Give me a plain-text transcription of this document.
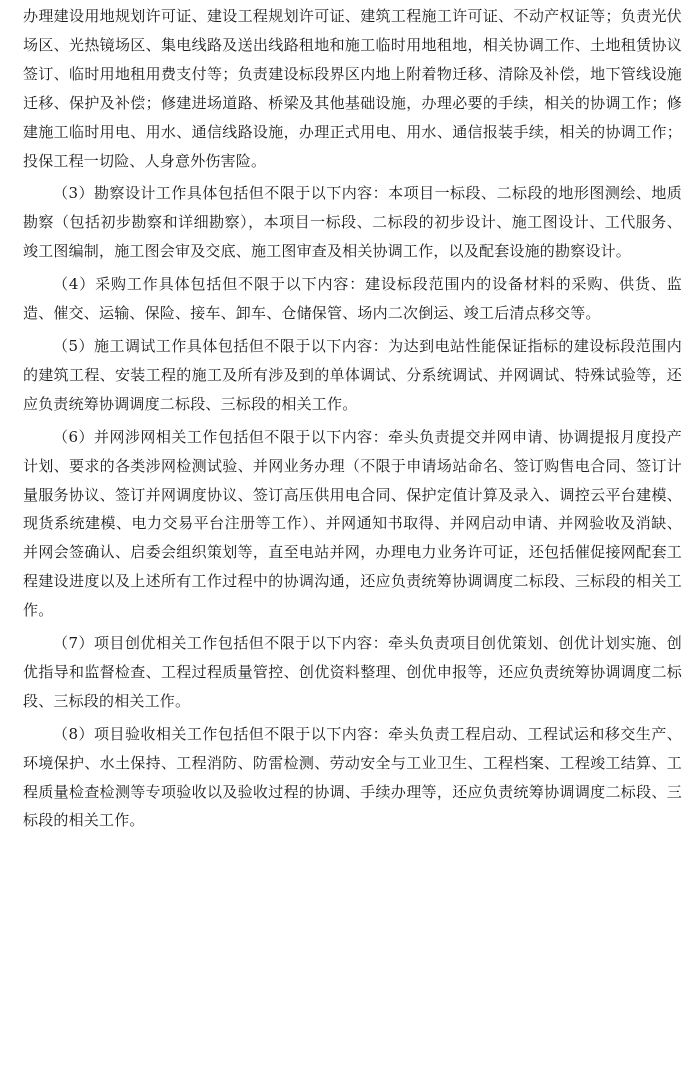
办理建设用地规划许可证、建设工程规划许可证、建筑工程施工许可证、不动产权证等；负责光伏场区、光热镜场区、集电线路及送出线路租地和施工临时用地租地，相关协调工作、土地租赁协议签订、临时用地租用费支付等；负责建设标段界区内地上附着物迁移、清除及补偿，地下管线设施迁移、保护及补偿；修建进场道路、桥梁及其他基础设施，办理必要的手续，相关的协调工作；修建施工临时用电、用水、通信线路设施，办理正式用电、用水、通信报装手续，相关的协调工作；投保工程一切险、人身意外伤害险。

（3）勘察设计工作具体包括但不限于以下内容：本项目一标段、二标段的地形图测绘、地质勘察（包括初步勘察和详细勘察），本项目一标段、二标段的初步设计、施工图设计、工代服务、竣工图编制，施工图会审及交底、施工图审查及相关协调工作，以及配套设施的勘察设计。

（4）采购工作具体包括但不限于以下内容：建设标段范围内的设备材料的采购、供货、监造、催交、运输、保险、接车、卸车、仓储保管、场内二次倒运、竣工后清点移交等。

（5）施工调试工作具体包括但不限于以下内容：为达到电站性能保证指标的建设标段范围内的建筑工程、安装工程的施工及所有涉及到的单体调试、分系统调试、并网调试、特殊试验等，还应负责统筹协调调度二标段、三标段的相关工作。

（6）并网涉网相关工作包括但不限于以下内容：牵头负责提交并网申请、协调提报月度投产计划、要求的各类涉网检测试验、并网业务办理（不限于申请场站命名、签订购售电合同、签订计量服务协议、签订并网调度协议、签订高压供用电合同、保护定值计算及录入、调控云平台建模、现货系统建模、电力交易平台注册等工作）、并网通知书取得、并网启动申请、并网验收及消缺、并网会签确认、启委会组织策划等，直至电站并网，办理电力业务许可证，还包括催促接网配套工程建设进度以及上述所有工作过程中的协调沟通，还应负责统筹协调调度二标段、三标段的相关工作。

（7）项目创优相关工作包括但不限于以下内容：牵头负责项目创优策划、创优计划实施、创优指导和监督检查、工程过程质量管控、创优资料整理、创优申报等，还应负责统筹协调调度二标段、三标段的相关工作。

（8）项目验收相关工作包括但不限于以下内容：牵头负责工程启动、工程试运和移交生产、环境保护、水土保持、工程消防、防雷检测、劳动安全与工业卫生、工程档案、工程竣工结算、工程质量检查检测等专项验收以及验收过程的协调、手续办理等，还应负责统筹协调调度二标段、三标段的相关工作。
